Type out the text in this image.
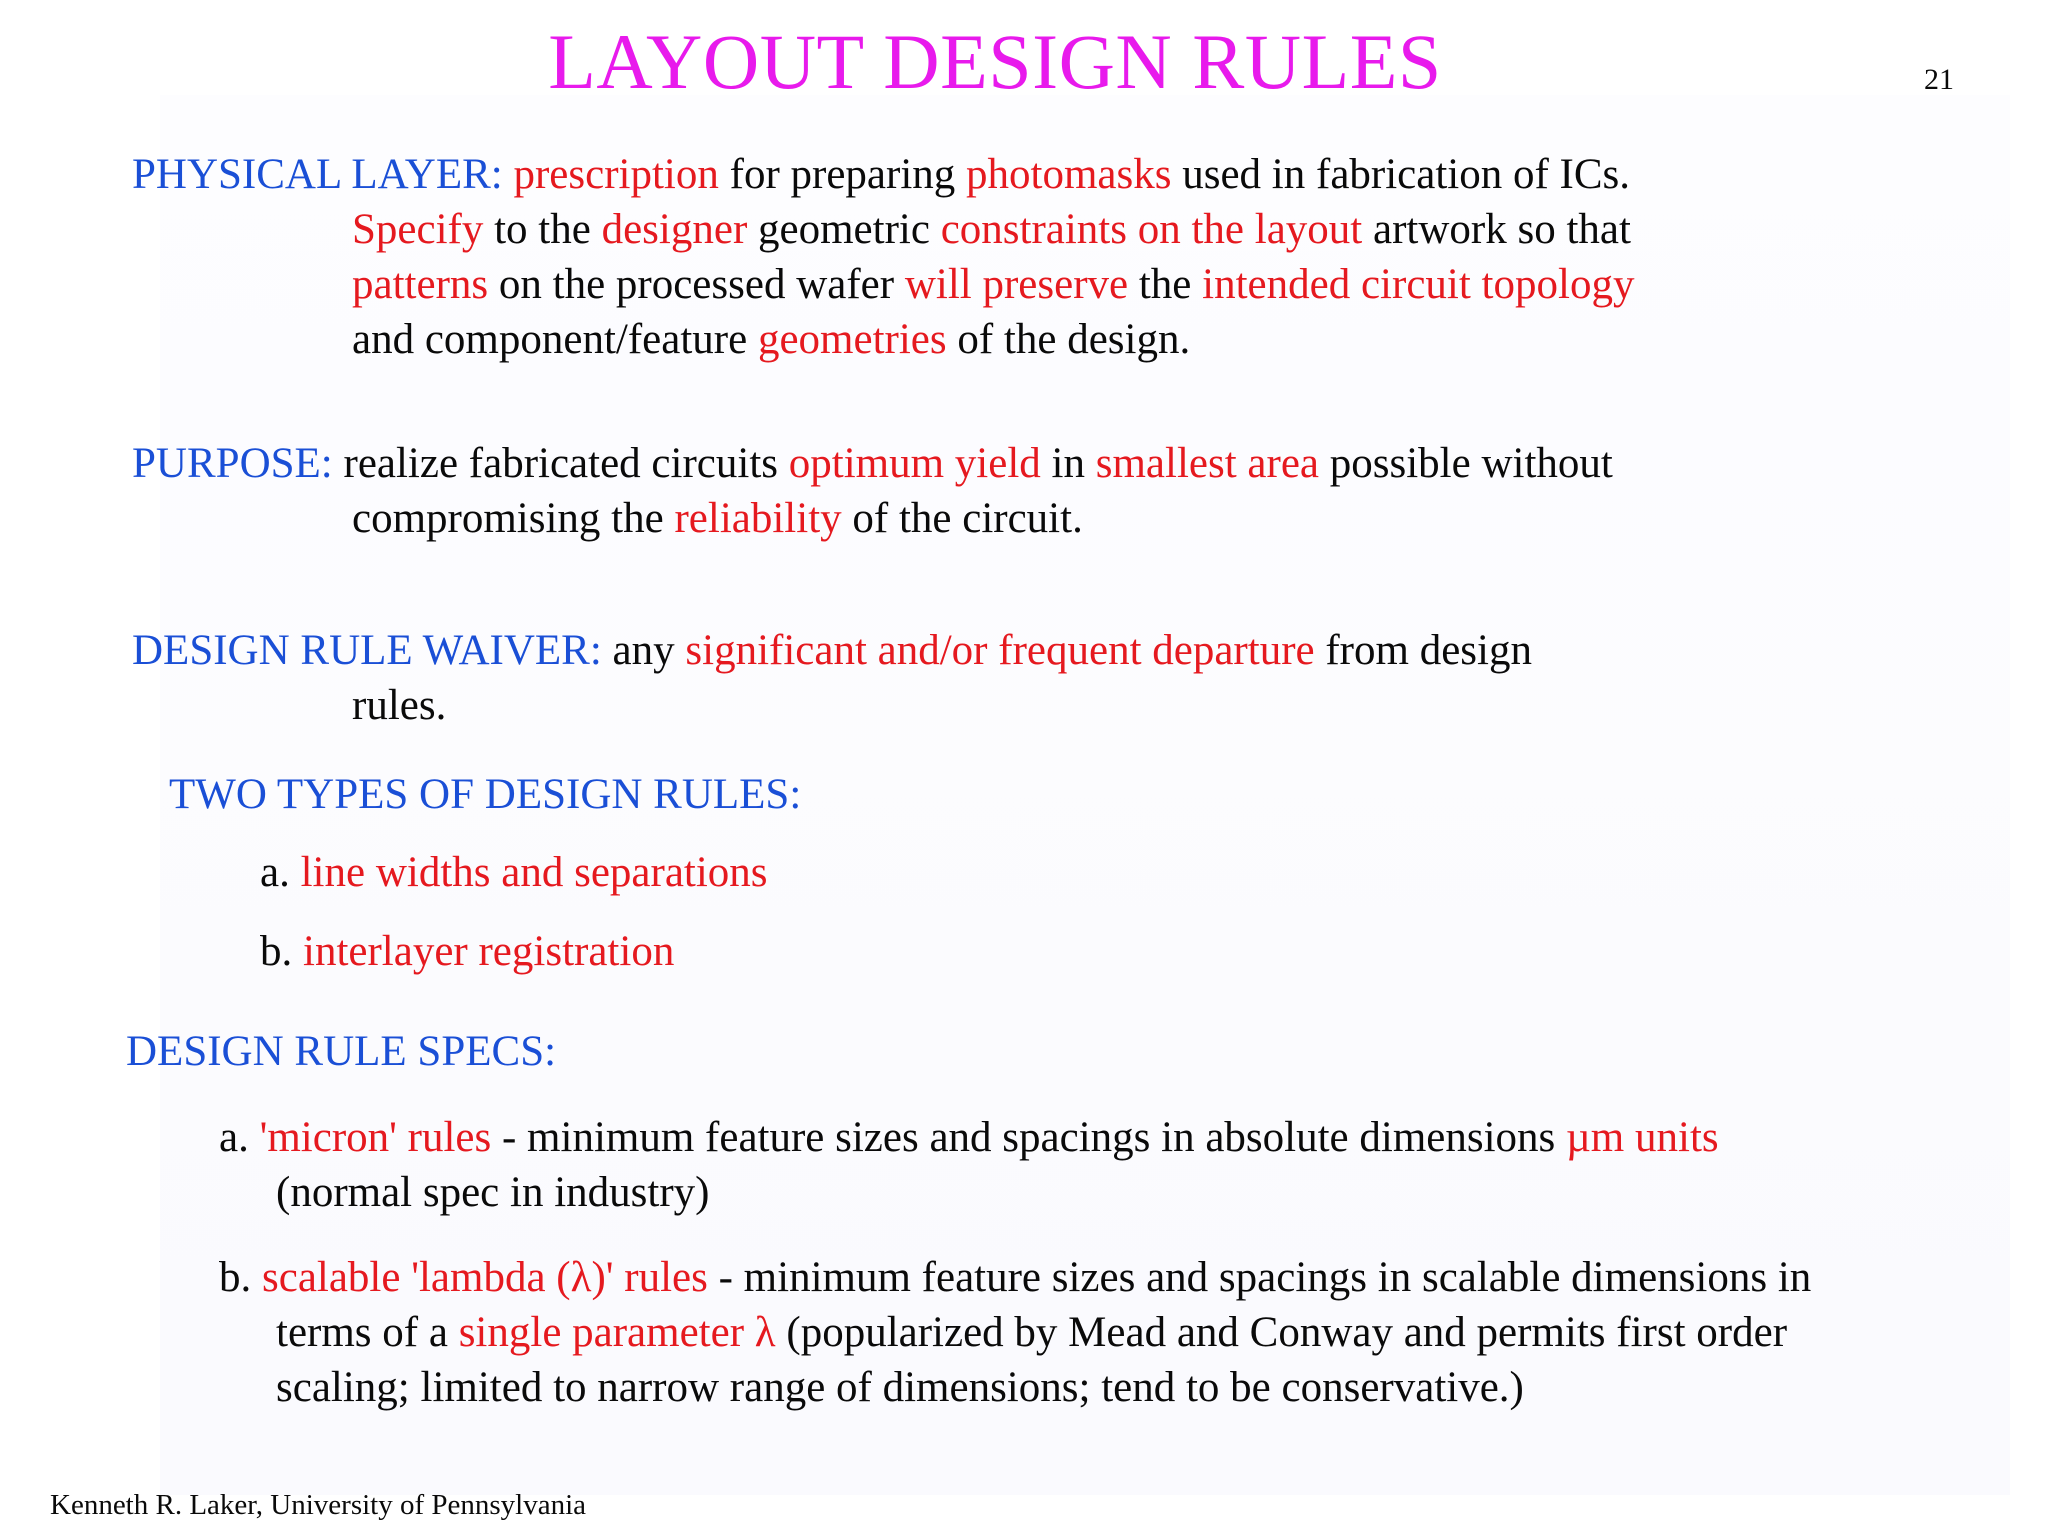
LAYOUT DESIGN RULES	21
PHYSICAL LAYER: prescription for preparing photomasks used in fabrication of ICs.
Specify to the designer geometric constraints on the layout artwork so that
patterns on the processed wafer will preserve the intended circuit topology
and component/feature geometries of the design.
PURPOSE: realize fabricated circuits optimum yield in smallest area possible without
compromising the reliability of the circuit.
DESIGN RULE WAIVER: any significant and/or frequent departure from design
rules.
TWO TYPES OF DESIGN RULES:
a. line widths and separations
b. interlayer registration
DESIGN RULE SPECS:
a. 'micron' rules - minimum feature sizes and spacings in absolute dimensions µm units
(normal spec in industry)
b. scalable 'lambda (λ)' rules - minimum feature sizes and spacings in scalable dimensions in
terms of a single parameter λ (popularized by Mead and Conway and permits first order
scaling; limited to narrow range of dimensions; tend to be conservative.)
Kenneth R. Laker, University of Pennsylvania
